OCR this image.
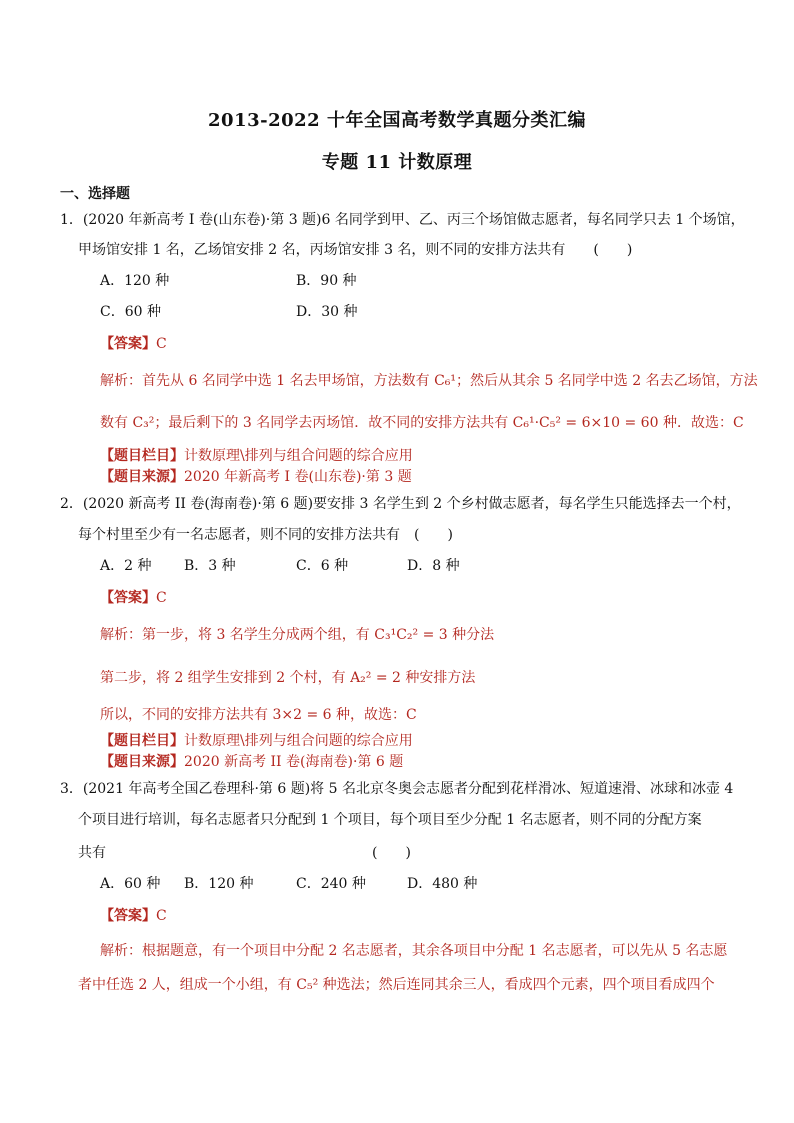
2013-2022 十年全国高考数学真题分类汇编
专题 11 计数原理
一、选择题
1．(2020 年新高考 I 卷(山东卷)·第 3 题)6 名同学到甲、乙、丙三个场馆做志愿者，每名同学只去 1 个场馆，
甲场馆安排 1 名，乙场馆安排 2 名，丙场馆安排 3 名，则不同的安排方法共有　　(　　)
A．120 种	B．90 种
C．60 种	D．30 种
【答案】C
解析：首先从 6 名同学中选 1 名去甲场馆，方法数有 C₆¹；然后从其余 5 名同学中选 2 名去乙场馆，方法
数有 C₃²；最后剩下的 3 名同学去丙场馆．故不同的安排方法共有 C₆¹·C₅² = 6×10 = 60 种．故选：C
【题目栏目】计数原理\排列与组合问题的综合应用
【题目来源】2020 年新高考 I 卷(山东卷)·第 3 题
2．(2020 新高考 II 卷(海南卷)·第 6 题)要安排 3 名学生到 2 个乡村做志愿者，每名学生只能选择去一个村，
每个村里至少有一名志愿者，则不同的安排方法共有　(　　)
A．2 种 B．3 种	C．6 种	D．8 种
【答案】C
解析：第一步，将 3 名学生分成两个组，有 C₃¹C₂² = 3 种分法
第二步，将 2 组学生安排到 2 个村，有 A₂² = 2 种安排方法
所以，不同的安排方法共有 3×2 = 6 种，故选：C
【题目栏目】计数原理\排列与组合问题的综合应用
【题目来源】2020 新高考 II 卷(海南卷)·第 6 题
3．(2021 年高考全国乙卷理科·第 6 题)将 5 名北京冬奥会志愿者分配到花样滑冰、短道速滑、冰球和冰壶 4
个项目进行培训，每名志愿者只分配到 1 个项目，每个项目至少分配 1 名志愿者，则不同的分配方案
共有　　　　　　　　　　　　　　　　　　　(　　)
A．60 种 B．120 种	C．240 种	D．480 种
【答案】C
解析：根据题意，有一个项目中分配 2 名志愿者，其余各项目中分配 1 名志愿者，可以先从 5 名志愿
者中任选 2 人，组成一个小组，有 C₅² 种选法；然后连同其余三人，看成四个元素，四个项目看成四个
